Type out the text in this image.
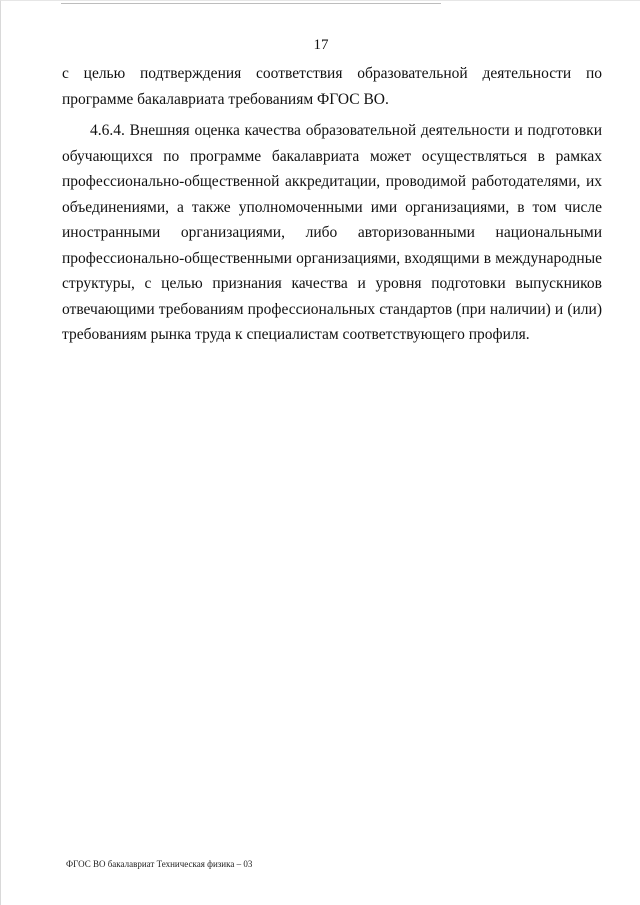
17

с целью подтверждения соответствия образовательной деятельности по программе бакалавриата требованиям ФГОС ВО.

4.6.4. Внешняя оценка качества образовательной деятельности и подготовки обучающихся по программе бакалавриата может осуществляться в рамках профессионально-общественной аккредитации, проводимой работодателями, их объединениями, а также уполномоченными ими организациями, в том числе иностранными организациями, либо авторизованными национальными профессионально-общественными организациями, входящими в международные структуры, с целью признания качества и уровня подготовки выпускников отвечающими требованиям профессиональных стандартов (при наличии) и (или) требованиям рынка труда к специалистам соответствующего профиля.

ФГОС ВО бакалавриат Техническая физика – 03
